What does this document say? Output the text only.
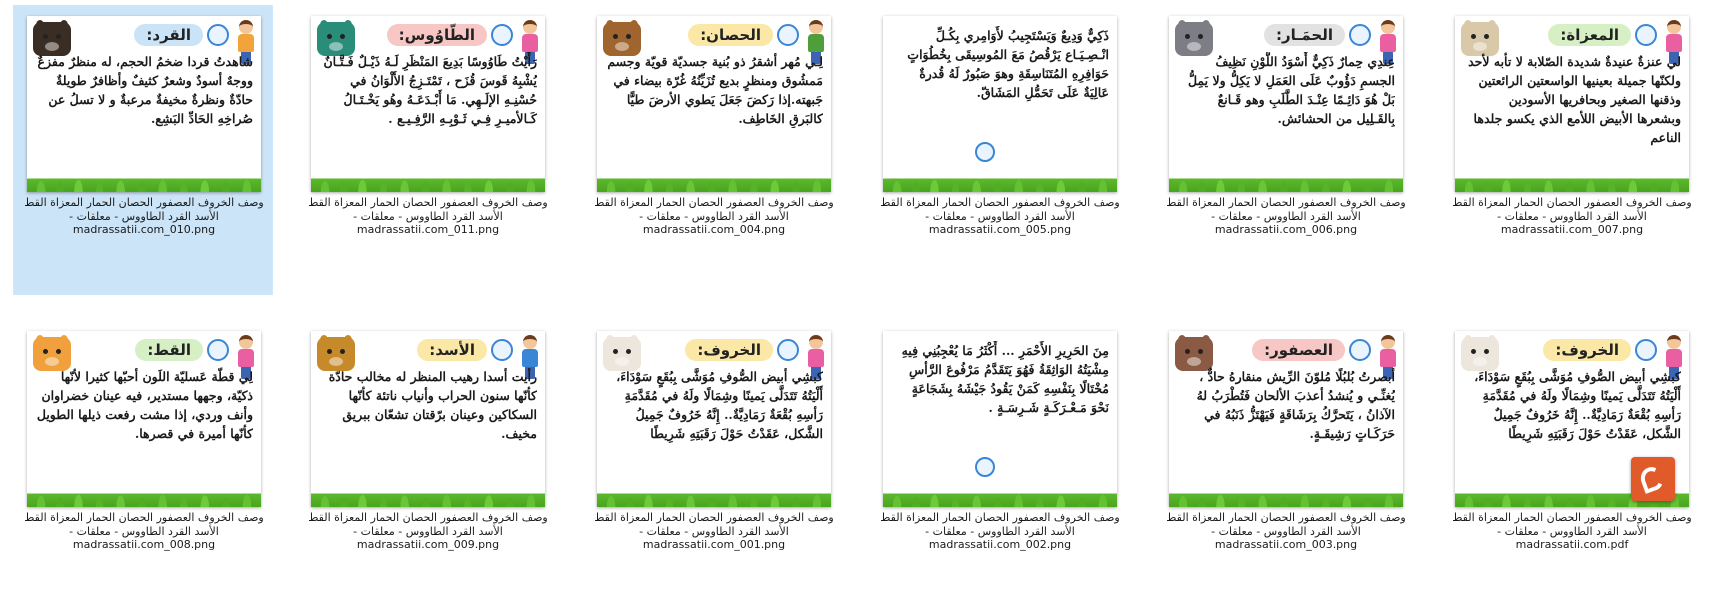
القرد:
شاهدتُ قردا ضخمُ الحجم، له منظرٌ مفزعٌ ووجهٌ أسودٌ وشعرٌ كثيفٌ وأظافرٌ طويلةٌ حادّةٌ ونظرةٌ مخيفةٌ مرعبةٌ و لا تسلُ عن صُراخِهِ الحَادِّ البَشِع.
وصف الخروف العصفور الحصان الحمار المعزاة القط
- الأسد القرد الطاووس - معلقات
madrassatii.com_010.png
الطّاوُوس:
رَأَيْتُ طَاوُوسًا بَدِيعَ المَنْظَرِ لَـهُ ذَيْـلٌ فَـتَّـانٌ يُشْبِهُ قَوسَ قُزَح ، تَمْتَـزِجُ الأَلْوَانُ في حُسْنِـهِ الإلَـهِي. مَا أَبْـدَعَـهُ وهُو يَخْـتَـالُ كَـالأميـرِ فِـي ثَـوْبِـهِ الرَّفِـيـع .
وصف الخروف العصفور الحصان الحمار المعزاة القط
- الأسد القرد الطاووس - معلقات
madrassatii.com_011.png
الحصان:
لِـي مُهر أشقرُ ذو بُنية جسديّة قويّة وجسم مَمشُوق ومنظرٍ بديع تُزَيِّنُهُ غُرّة بيضاء في جَبهته.إذا رَكضَ جَعَلَ يَطوي الأرضَ طيًّا كالبَرقِ الخَاطِف.
وصف الخروف العصفور الحصان الحمار المعزاة القط
- الأسد القرد الطاووس - معلقات
madrassatii.com_004.png
ذَكِيٌّ وَدِيعٌ وَيَسْتَجِيبُ لأَوَامِري بِكُـلِّ انْـصِـيَـاع يَرْقُصُ مَعَ المُوسِيقَى بِخُطُوَاتٍ حَوَافِرِهِ المُتَنَاسِقَةِ وهوَ صَبُورٌ لَهُ قُدرةٌ عَالِيَةٌ عَلَى تَحَمُّلِ المَشَاقّ.
وصف الخروف العصفور الحصان الحمار المعزاة القط
- الأسد القرد الطاووس - معلقات
madrassatii.com_005.png
الحمَـار:
عِندِي حِمارٌ ذَكِيٌّ أَسْوَدُ اللَّوْنِ نَظِيفُ الجسمِ دَؤُوبٌ عَلَى العَمَلِ لا يَكِلُّ ولا يَمِلُّ بَلْ هُوَ دَائِـمًا عِنْـدَ الطَّلَبِ وهو قَـانعٌ بِالقَـلِيل من الحشائش.
وصف الخروف العصفور الحصان الحمار المعزاة القط
- الأسد القرد الطاووس - معلقات
madrassatii.com_006.png
المعزاة:
لي عنزةٌ عنيدةٌ شديدة الصّلابة لا تأبه لأحد ولكنّها جميلة بعينيها الواسعتين الرائعتين وذقنها الصغير وبحافريها الأسودين وبشعرها الأبيض اللأمع الذي يكسو جلدها الناعم
وصف الخروف العصفور الحصان الحمار المعزاة القط
- الأسد القرد الطاووس - معلقات
madrassatii.com_007.png
القط:
لِي قطّة عَسليّة اللَون أحبّها كثيرا لأنّها ذكيّة، وجهها مستدير، فيه عينان خضراوان وأنف وردي، إذا مشت رفعت ذيلها الطويل كأنّها أميرة في قصرها.
وصف الخروف العصفور الحصان الحمار المعزاة القط
- الأسد القرد الطاووس - معلقات
madrassatii.com_008.png
الأسد:
رأيت أسدا رهيب المنظر له مخالب حادّة كأنّها سنون الحراب وأنياب ناتئة كأنّها السكاكين وعينان برّقتان تشعّان ببريق مخيف.
وصف الخروف العصفور الحصان الحمار المعزاة القط
- الأسد القرد الطاووس - معلقات
madrassatii.com_009.png
الخروف:
كبشِي أبيض الصُّوفِ مُوَشَّى بِبُقَعٍ سَوْدَاءَ، أَلْيَتُهُ تَتَدَلَّى يَمينًا وشِمَالًا ولَهُ في مُقَدَّمَةِ رَأسِهِ بُقْعَةٌ رَمَادِيَّةٌ.. إِنَّهُ خَرُوفٌ جَمِيلُ الشَّكل، عَقَدْتُ حَوْلَ رَقَبَتِهِ شَرِيطًا
وصف الخروف العصفور الحصان الحمار المعزاة القط
- الأسد القرد الطاووس - معلقات
madrassatii.com_001.png
مِنَ الحَرِيرِ الأَحْمَرِ ... أَكْثَرُ مَا يُعْجِبُنِي فِيهِ مِشْيَتُهُ الوَاثِقَةُ فَهُوَ يَتَقَدَّمُ مَرْفُوعَ الرَّأسِ مُخْتَالًا بِنَفْسِهِ كَمَنْ يَقُودُ جَيْشَهُ بِشَجَاعَةٍ نَحْوَ مَـعْـرَكَـةٍ شَـرِسَـةٍ .
وصف الخروف العصفور الحصان الحمار المعزاة القط
- الأسد القرد الطاووس - معلقات
madrassatii.com_002.png
العصفور:
أبصرتُ بُلبُلًا مُلوّنَ الرِّيش منقارهُ حادٌّ ، يُغنِّـي و يُنشدُ أعذبَ الألحان فَتُطْرَبُ لهُ الآذانُ ، يَتَحرَّكُ بِرَشَاقَةٍ فَيَهْتَزُّ ذَنَبُهُ في حَرَكَـاتٍ رَشِيقَـةٍ.
وصف الخروف العصفور الحصان الحمار المعزاة القط
- الأسد القرد الطاووس - معلقات
madrassatii.com_003.png
الخروف:
كبشِي أبيض الصُّوفِ مُوَشَّى بِبُقَعٍ سَوْدَاءَ، أَلْيَتُهُ تَتَدَلَّى يَمينًا وشِمَالًا ولَهُ في مُقَدَّمَةِ رَأسِهِ بُقْعَةٌ رَمَادِيَّةٌ.. إِنَّهُ خَرُوفٌ جَمِيلٌ الشَّكل، عَقَدْتُ حَوْلَ رَقَبَتِهِ شَرِيطًا
وصف الخروف العصفور الحصان الحمار المعزاة القط
- الأسد القرد الطاووس - معلقات
madrassatii.com.pdf
